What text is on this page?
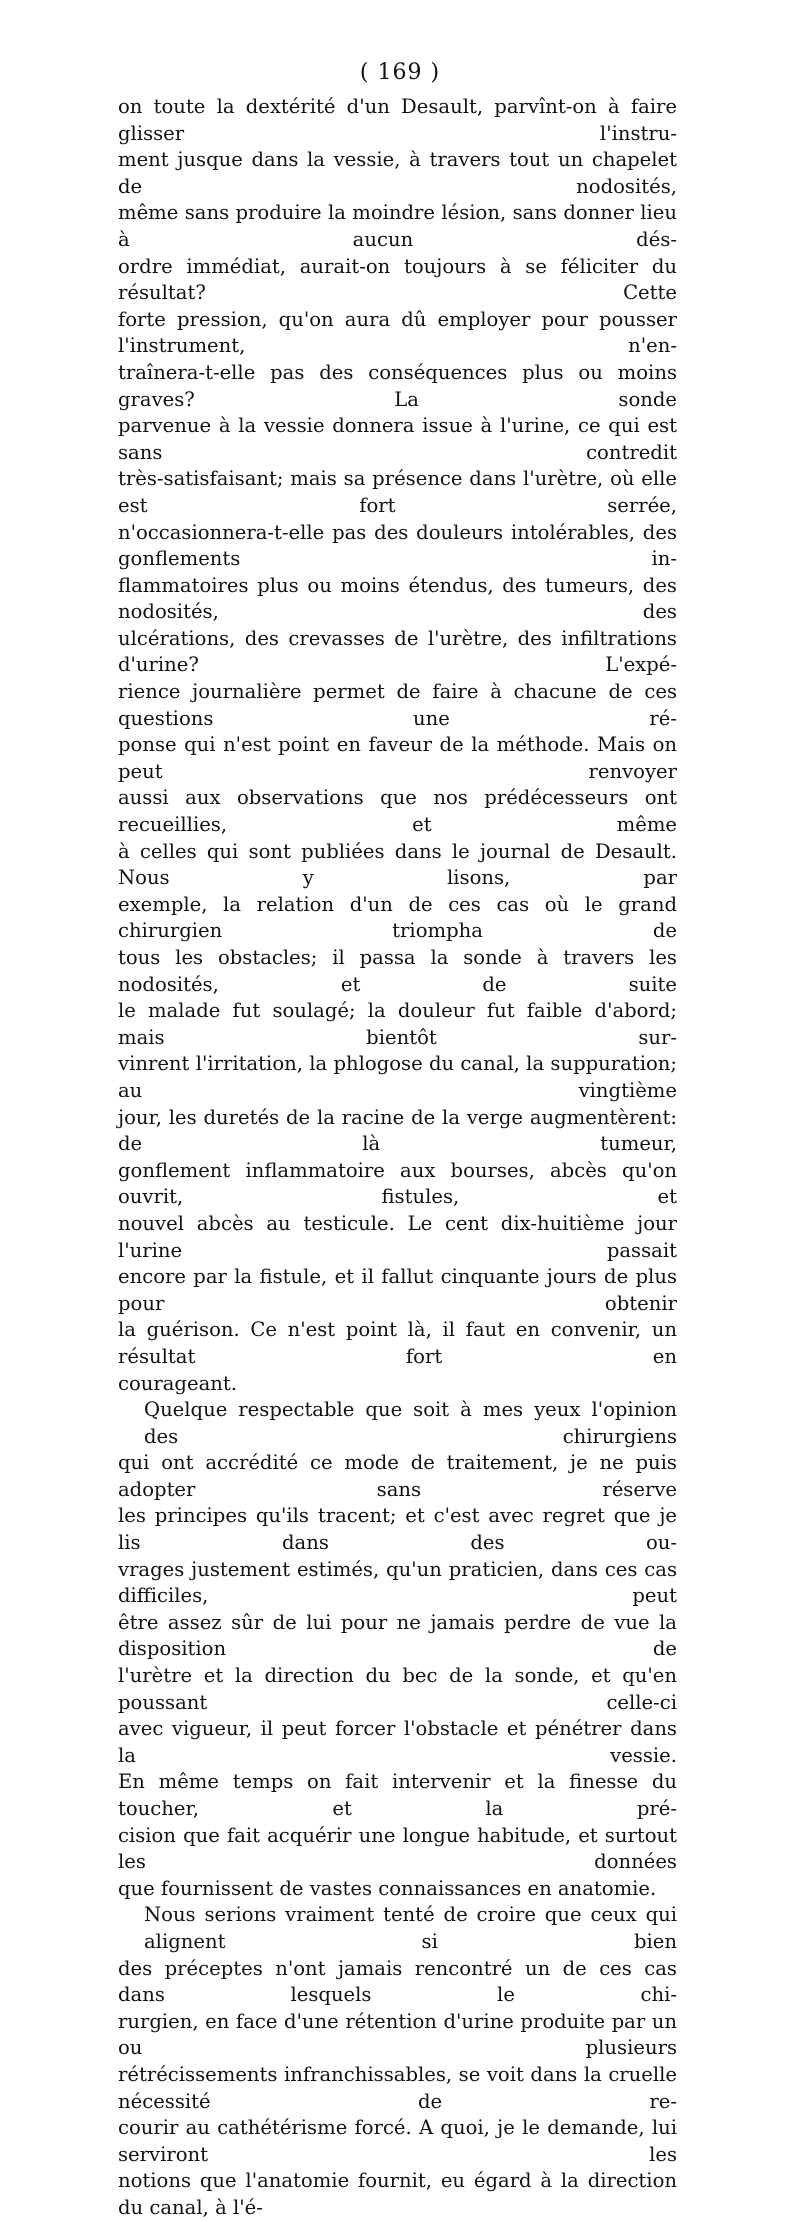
( 169 )

on toute la dextérité d'un Desault, parvînt-on à faire glisser l'instru-
ment jusque dans la vessie, à travers tout un chapelet de nodosités,
même sans produire la moindre lésion, sans donner lieu à aucun dés-
ordre immédiat, aurait-on toujours à se féliciter du résultat? Cette
forte pression, qu'on aura dû employer pour pousser l'instrument, n'en-
traînera-t-elle pas des conséquences plus ou moins graves? La sonde
parvenue à la vessie donnera issue à l'urine, ce qui est sans contredit
très-satisfaisant; mais sa présence dans l'urètre, où elle est fort serrée,
n'occasionnera-t-elle pas des douleurs intolérables, des gonflements in-
flammatoires plus ou moins étendus, des tumeurs, des nodosités, des
ulcérations, des crevasses de l'urètre, des infiltrations d'urine? L'expé-
rience journalière permet de faire à chacune de ces questions une ré-
ponse qui n'est point en faveur de la méthode. Mais on peut renvoyer
aussi aux observations que nos prédécesseurs ont recueillies, et même
à celles qui sont publiées dans le journal de Desault. Nous y lisons, par
exemple, la relation d'un de ces cas où le grand chirurgien triompha de
tous les obstacles; il passa la sonde à travers les nodosités, et de suite
le malade fut soulagé; la douleur fut faible d'abord; mais bientôt sur-
vinrent l'irritation, la phlogose du canal, la suppuration; au vingtième
jour, les duretés de la racine de la verge augmentèrent: de là tumeur,
gonflement inflammatoire aux bourses, abcès qu'on ouvrit, fistules, et
nouvel abcès au testicule. Le cent dix-huitième jour l'urine passait
encore par la fistule, et il fallut cinquante jours de plus pour obtenir
la guérison. Ce n'est point là, il faut en convenir, un résultat fort en
courageant.

Quelque respectable que soit à mes yeux l'opinion des chirurgiens
qui ont accrédité ce mode de traitement, je ne puis adopter sans réserve
les principes qu'ils tracent; et c'est avec regret que je lis dans des ou-
vrages justement estimés, qu'un praticien, dans ces cas difficiles, peut
être assez sûr de lui pour ne jamais perdre de vue la disposition de
l'urètre et la direction du bec de la sonde, et qu'en poussant celle-ci
avec vigueur, il peut forcer l'obstacle et pénétrer dans la vessie.
En même temps on fait intervenir et la finesse du toucher, et la pré-
cision que fait acquérir une longue habitude, et surtout les données
que fournissent de vastes connaissances en anatomie.

Nous serions vraiment tenté de croire que ceux qui alignent si bien
des préceptes n'ont jamais rencontré un de ces cas dans lesquels le chi-
rurgien, en face d'une rétention d'urine produite par un ou plusieurs
rétrécissements infranchissables, se voit dans la cruelle nécessité de re-
courir au cathétérisme forcé. A quoi, je le demande, lui serviront les
notions que l'anatomie fournit, eu égard à la direction du canal, à l'é-
